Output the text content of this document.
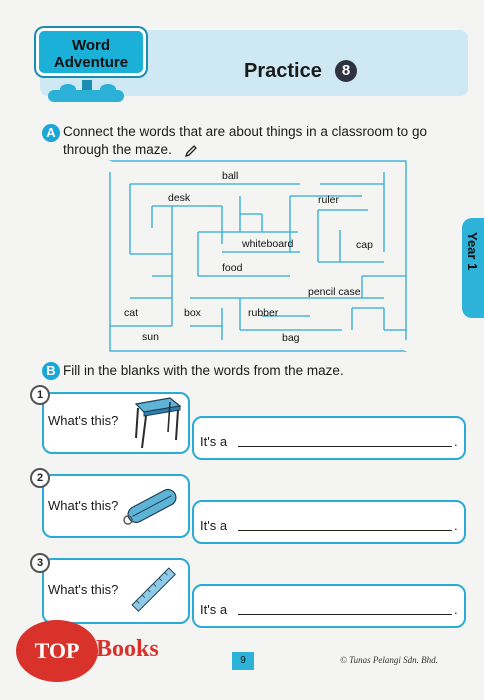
Word
Adventure	Practice	8
Year 1
A Connect the words that are about things in a classroom to go
through the maze.
ball
desk	ruler
whiteboard	cap
food
pencil case
cat	box	rubber
sun	bag
B Fill in the blanks with the words from the maze.
1
What's this?
It's a	.
2
What's this?
It's a	.
3
What's this?
It's a	.
TOP Books	9	© Tunas Pelangi Sdn. Bhd.
